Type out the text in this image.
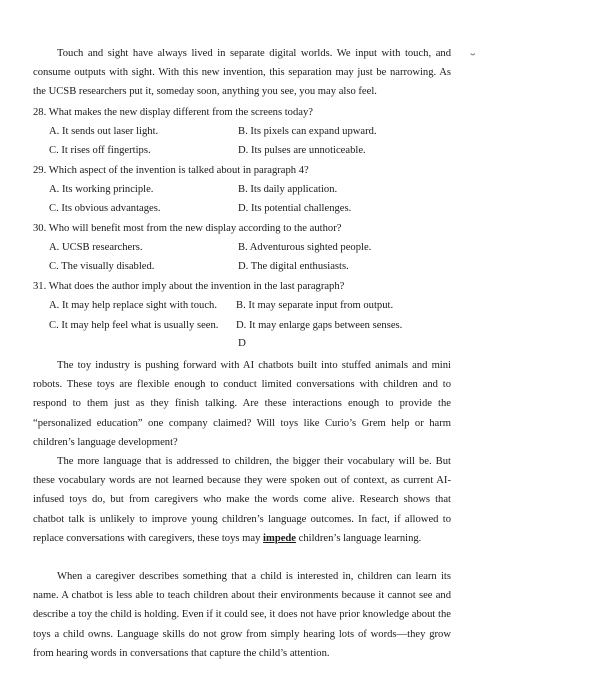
∙‐∙

Touch and sight have always lived in separate digital worlds. We input with touch, and consume outputs with sight. With this new invention, this separation may just be narrowing. As the UCSB researchers put it, someday soon, anything you see, you may also feel.

28. What makes the new display different from the screens today?
A. It sends out laser light.	B. Its pixels can expand upward.
C. It rises off fingertips.	D. Its pulses are unnoticeable.
29. Which aspect of the invention is talked about in paragraph 4?
A. Its working principle.	B. Its daily application.
C. Its obvious advantages.	D. Its potential challenges.
30. Who will benefit most from the new display according to the author?
A. UCSB researchers.	B. Adventurous sighted people.
C. The visually disabled.	D. The digital enthusiasts.
31. What does the author imply about the invention in the last paragraph?
A. It may help replace sight with touch. B. It may separate input from output.
C. It may help feel what is usually seen. D. It may enlarge gaps between senses.
D

The toy industry is pushing forward with AI chatbots built into stuffed animals and mini robots. These toys are flexible enough to conduct limited conversations with children and to respond to them just as they finish talking. Are these interactions enough to provide the “personalized education” one company claimed? Will toys like Curio’s Grem help or harm children’s language development?

The more language that is addressed to children, the bigger their vocabulary will be. But these vocabulary words are not learned because they were spoken out of context, as current AI-infused toys do, but from caregivers who make the words come alive. Research shows that chatbot talk is unlikely to improve young children’s language outcomes. In fact, if allowed to replace conversations with caregivers, these toys may impede children’s language learning.

When a caregiver describes something that a child is interested in, children can learn its name. A chatbot is less able to teach children about their environments because it cannot see and describe a toy the child is holding. Even if it could see, it does not have prior knowledge about the toys a child owns. Language skills do not grow from simply hearing lots of words—they grow from hearing words in conversations that capture the child’s attention.
